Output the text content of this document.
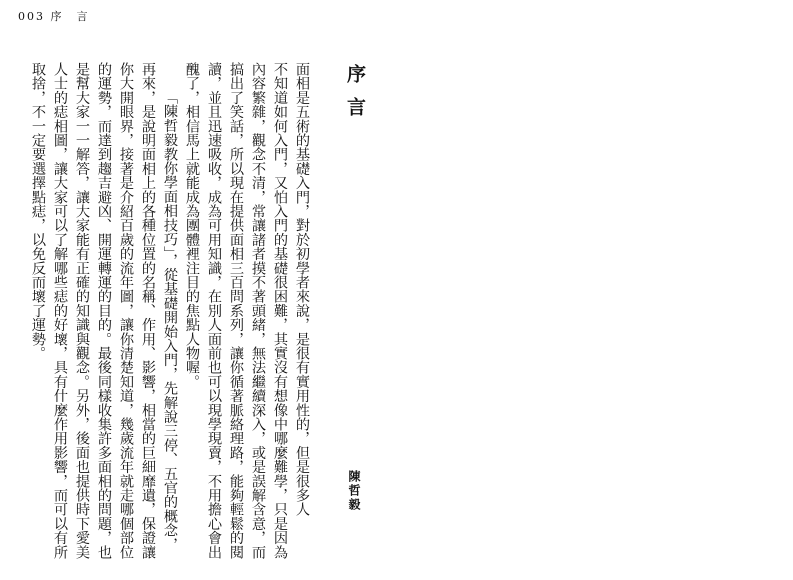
003 序　言
序言
面相是五術的基礎入門，對於初學者來說，是很有實用性的，但是很多人
不知道如何入門，又怕入門的基礎很困難，其實沒有想像中哪麼難學，只是因為
內容繁雜，觀念不清，常讓諸者摸不著頭緒，無法繼續深入，或是誤解含意，而
搞出了笑話，所以現在提供面相三百問系列，讓你循著脈絡理路，能夠輕鬆的閱
讀，並且迅速吸收，成為可用知識，在別人面前也可以現學現賣，不用擔心會出
醜了，相信馬上就能成為團體裡注目的焦點人物喔。
「陳哲毅教你學面相技巧」，從基礎開始入門，先解說三停、五官的概念，
再來，是說明面相上的各種位置的名稱、作用、影響，相當的巨細靡遺，保證讓
你大開眼界，接著是介紹百歲的流年圖，讓你清楚知道，幾歲流年就走哪個部位
的運勢，而達到趨吉避凶、開運轉運的目的。最後同樣收集許多面相的問題，也
是幫大家一一解答，讓大家能有正確的知識與觀念。另外，後面也提供時下愛美
人士的痣相圖，讓大家可以了解哪些痣的好壞，具有什麼作用影響，而可以有所
取捨，不一定要選擇點痣，以免反而壞了運勢。
陳哲毅
